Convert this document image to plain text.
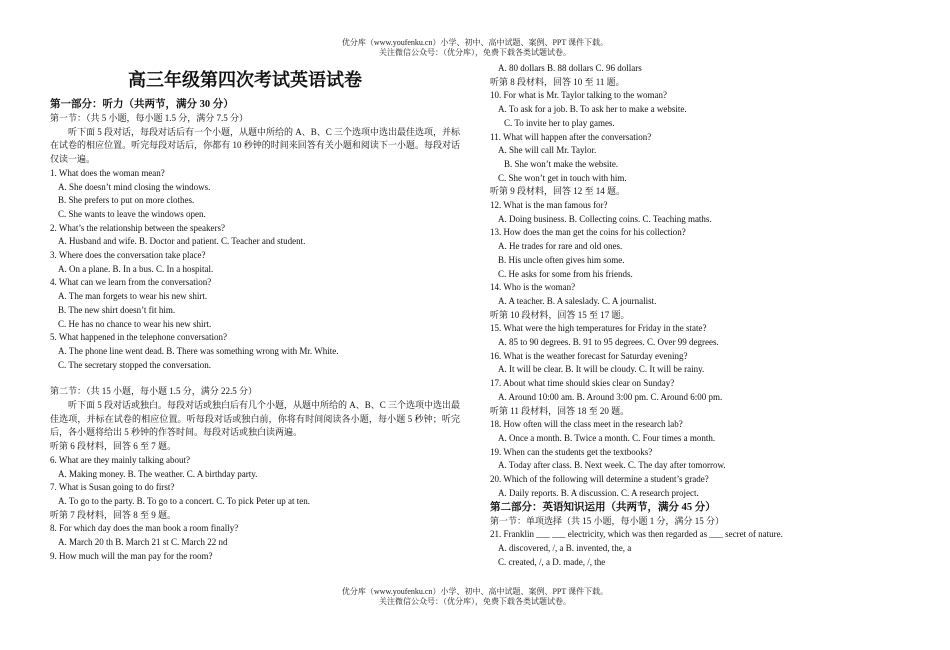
优分库（www.youfenku.cn）小学、初中、高中试题、案例、PPT 课件下载。
关注微信公众号：（优分库），免费下载各类试题试卷。
高三年级第四次考试英语试卷
第一部分：听力（共两节，满分 30 分）
第一节：（共 5 小题，每小题 1.5 分，满分 7.5 分）
听下面 5 段对话，每段对话后有一个小题，从题中所给的 A、B、C 三个选项中选出最佳选项，并标在试卷的相应位置。听完每段对话后，你都有 10 秒钟的时间来回答有关小题和阅读下一小题。每段对话仅读一遍。
1. What does the woman mean?
A. She doesn’t mind closing the windows.
B. She prefers to put on more clothes.
C. She wants to leave the windows open.
2. What’s the relationship between the speakers?
A. Husband and wife. B. Doctor and patient. C. Teacher and student.
3. Where does the conversation take place?
A. On a plane. B. In a bus. C. In a hospital.
4. What can we learn from the conversation?
A. The man forgets to wear his new shirt.
B. The new shirt doesn’t fit him.
C. He has no chance to wear his new shirt.
5. What happened in the telephone conversation?
A. The phone line went dead. B. There was something wrong with Mr. White.
C. The secretary stopped the conversation.
第二节：（共 15 小题，每小题 1.5 分，满分 22.5 分）
听下面 5 段对话或独白。每段对话或独白后有几个小题，从题中所给的 A、B、C 三个选项中选出最佳选项，并标在试卷的相应位置。听每段对话或独白前，你将有时间阅读各小题，每小题 5 秒钟；听完后，各小题将给出 5 秒钟的作答时间。每段对话或独白读两遍。
听第 6 段材料，回答 6 至 7 题。
6. What are they mainly talking about?
A. Making money. B. The weather. C. A birthday party.
7. What is Susan going to do first?
A. To go to the party. B. To go to a concert. C. To pick Peter up at ten.
听第 7 段材料，回答 8 至 9 题。
8. For which day does the man book a room finally?
A. March 20 th B. March 21 st C. March 22 nd
9. How much will the man pay for the room?
A. 80 dollars B. 88 dollars C. 96 dollars
听第 8 段材料，回答 10 至 11 题。
10. For what is Mr. Taylor talking to the woman?
A. To ask for a job. B. To ask her to make a website.
C. To invite her to play games.
11. What will happen after the conversation?
A. She will call Mr. Taylor.
B. She won’t make the website.
C. She won’t get in touch with him.
听第 9 段材料，回答 12 至 14 题。
12. What is the man famous for?
A. Doing business. B. Collecting coins. C. Teaching maths.
13. How does the man get the coins for his collection?
A. He trades for rare and old ones.
B. His uncle often gives him some.
C. He asks for some from his friends.
14. Who is the woman?
A. A teacher. B. A saleslady. C. A journalist.
听第 10 段材料，回答 15 至 17 题。
15. What were the high temperatures for Friday in the state?
A. 85 to 90 degrees. B. 91 to 95 degrees. C. Over 99 degrees.
16. What is the weather forecast for Saturday evening?
A. It will be clear. B. It will be cloudy. C. It will be rainy.
17. About what time should skies clear on Sunday?
A. Around 10:00 am. B. Around 3:00 pm. C. Around 6:00 pm.
听第 11 段材料，回答 18 至 20 题。
18. How often will the class meet in the research lab?
A. Once a month. B. Twice a month. C. Four times a month.
19. When can the students get the textbooks?
A. Today after class. B. Next week. C. The day after tomorrow.
20. Which of the following will determine a student’s grade?
A. Daily reports. B. A discussion. C. A research project.
第二部分：英语知识运用（共两节，满分 45 分）
第一节：单项选择（共 15 小题，每小题 1 分，满分 15 分）
21. Franklin ___ ___ electricity, which was then regarded as ___ secret of nature.
A. discovered, /, a B. invented, the, a
C. created, /, a D. made, /, the
优分库（www.youfenku.cn）小学、初中、高中试题、案例、PPT 课件下载。
关注微信公众号：（优分库），免费下载各类试题试卷。
